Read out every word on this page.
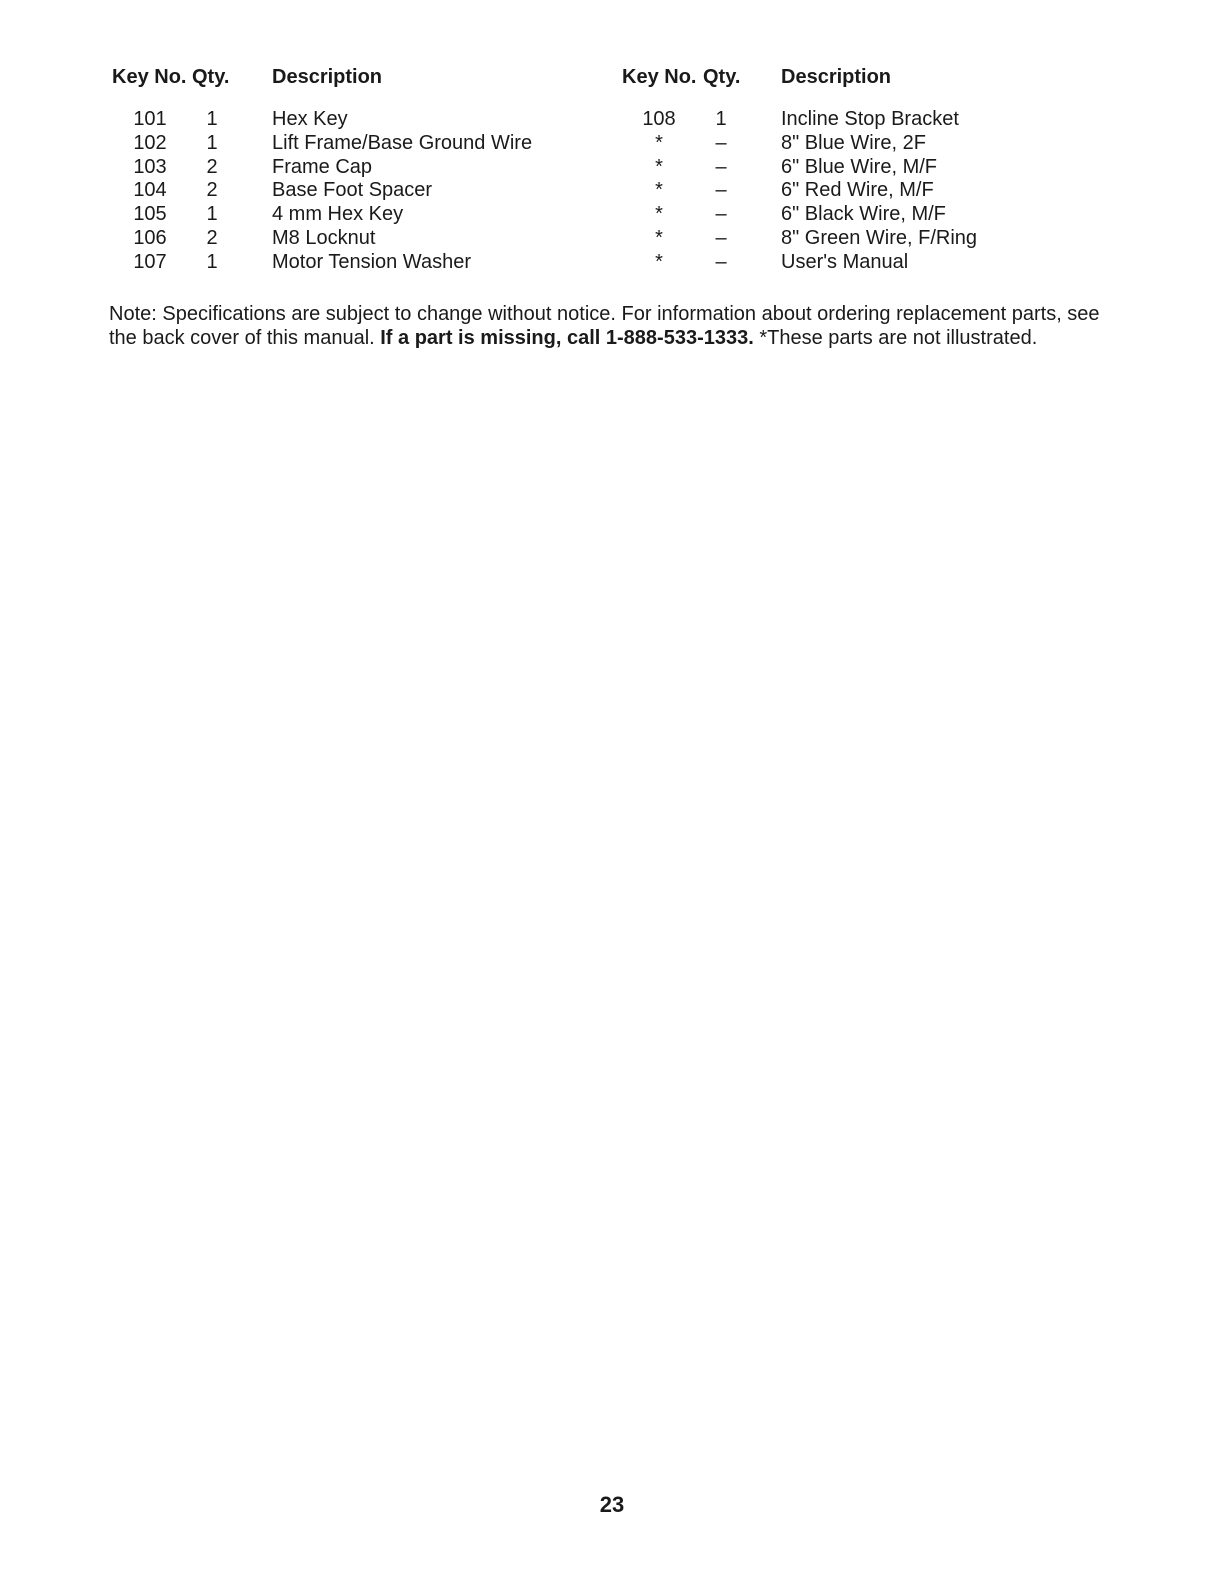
Key No. Qty. Description
101	1	Hex Key
102	1	Lift Frame/Base Ground Wire
103	2	Frame Cap
104	2	Base Foot Spacer
105	1	4 mm Hex Key
106	2	M8 Locknut
107	1	Motor Tension Washer
Key No. Qty. Description
108	1	Incline Stop Bracket
*	–	8" Blue Wire, 2F
*	–	6" Blue Wire, M/F
*	–	6" Red Wire, M/F
*	–	6" Black Wire, M/F
*	–	8" Green Wire, F/Ring
*	–	User's Manual

Note: Specifications are subject to change without notice. For information about ordering replacement parts, see the back cover of this manual. If a part is missing, call 1-888-533-1333. *These parts are not illustrated.

23
